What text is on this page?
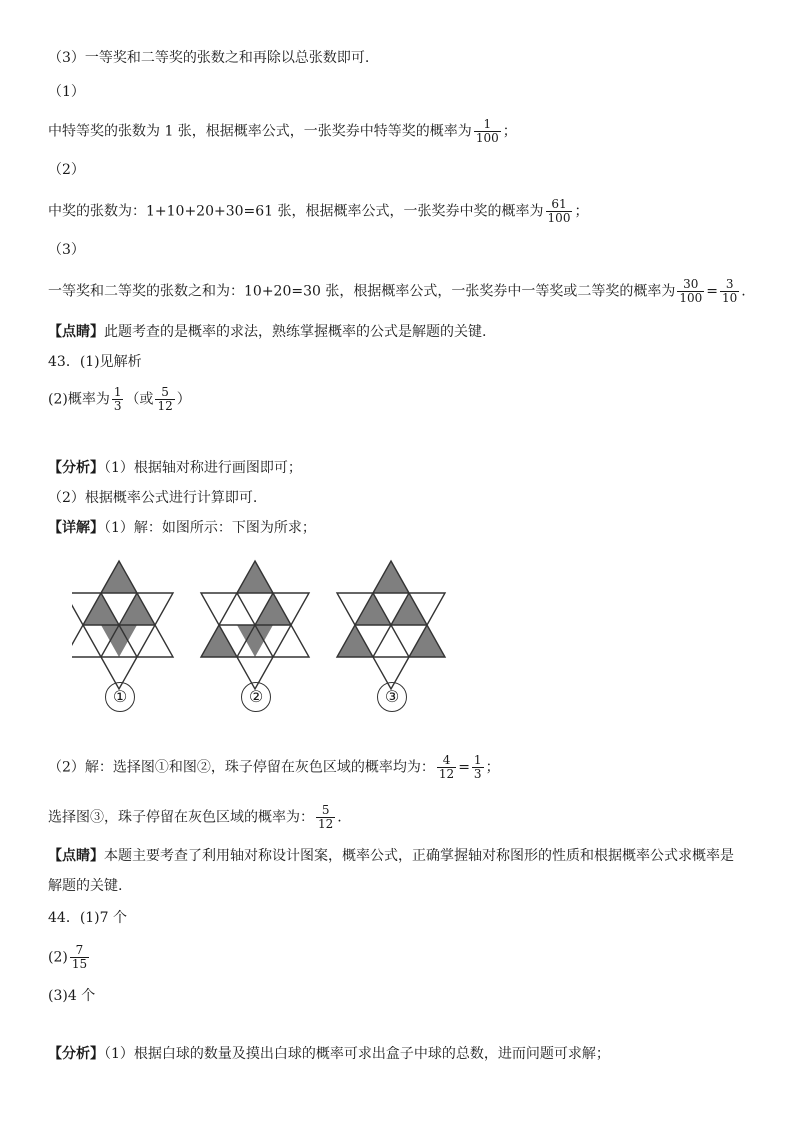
（3）一等奖和二等奖的张数之和再除以总张数即可.
（1）
中特等奖的张数为 1 张，根据概率公式，一张奖券中特等奖的概率为 $\frac{1}{100}$ ；
（2）
中奖的张数为：1+10+20+30=61 张，根据概率公式，一张奖券中奖的概率为 $\frac{61}{100}$ ；
（3）
一等奖和二等奖的张数之和为：10+20=30 张，根据概率公式，一张奖券中一等奖或二等奖的概率为 $\frac{30}{100} = \frac{3}{10}$ .
【点睛】此题考查的是概率的求法，熟练掌握概率的公式是解题的关键.
43．(1)见解析
(2)概率为 $\frac{1}{3}$ （或 $\frac{5}{12}$ ）
【分析】（1）根据轴对称进行画图即可；
（2）根据概率公式进行计算即可.
【详解】（1）解：如图所示：下图为所求；
①	②	③
（2）解：选择图①和图②，珠子停留在灰色区域的概率均为： $\frac{4}{12} = \frac{1}{3}$ ；
选择图③，珠子停留在灰色区域的概率为： $\frac{5}{12}$ .
【点睛】本题主要考查了利用轴对称设计图案，概率公式，正确掌握轴对称图形的性质和根据概率公式求概率是
解题的关键.
44．(1)7 个
$(2) \frac{7}{15}$
(3)4 个
【分析】（1）根据白球的数量及摸出白球的概率可求出盒子中球的总数，进而问题可求解；
